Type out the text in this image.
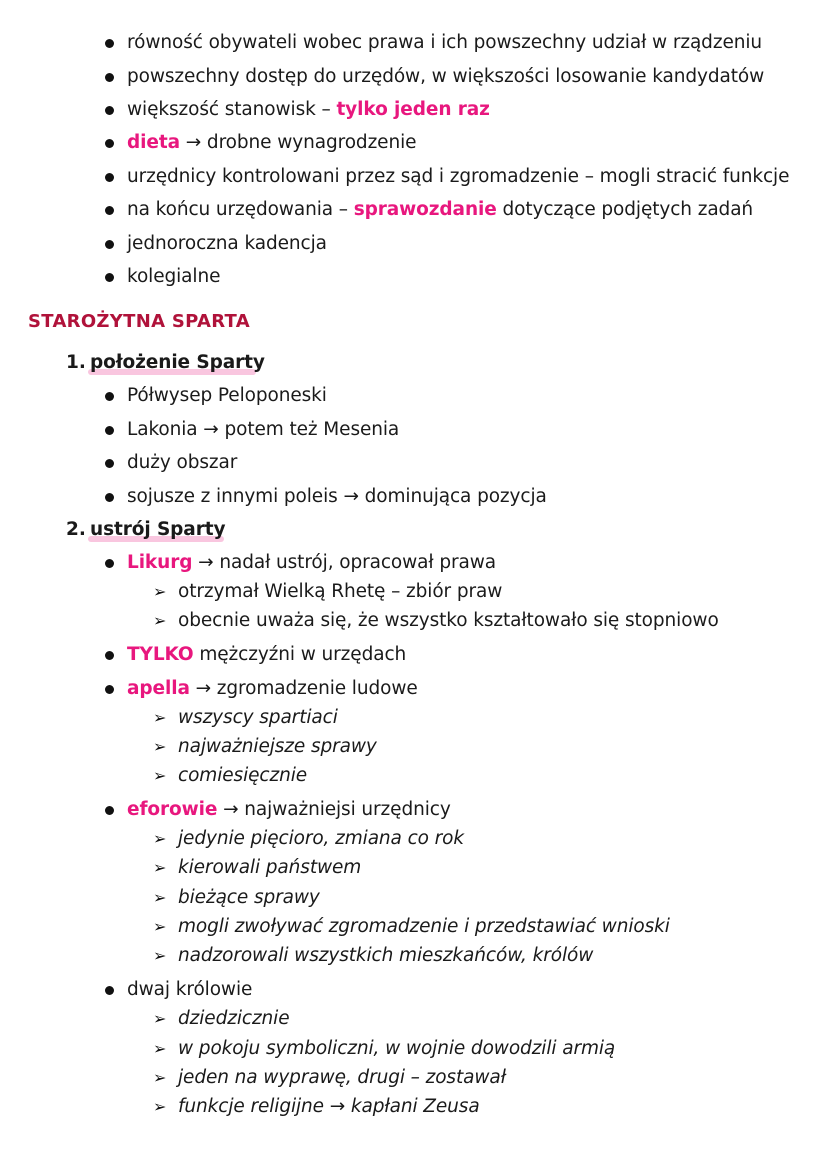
równość obywateli wobec prawa i ich powszechny udział w rządzeniu
powszechny dostęp do urzędów, w większości losowanie kandydatów
większość stanowisk – tylko jeden raz
dieta → drobne wynagrodzenie
urzędnicy kontrolowani przez sąd i zgromadzenie – mogli stracić funkcje
na końcu urzędowania – sprawozdanie dotyczące podjętych zadań
jednoroczna kadencja
kolegialne
STAROŻYTNA SPARTA
1. położenie Sparty
Półwysep Peloponeski
Lakonia → potem też Mesenia
duży obszar
sojusze z innymi poleis → dominująca pozycja
2. ustrój Sparty
Likurg → nadał ustrój, opracował prawa
➢ otrzymał Wielką Rhetę – zbiór praw
➢ obecnie uważa się, że wszystko kształtowało się stopniowo
TYLKO mężczyźni w urzędach
apella → zgromadzenie ludowe
➢ wszyscy spartiaci
➢ najważniejsze sprawy
➢ comiesięcznie
eforowie → najważniejsi urzędnicy
➢ jedynie pięcioro, zmiana co rok
➢ kierowali państwem
➢ bieżące sprawy
➢ mogli zwoływać zgromadzenie i przedstawiać wnioski
➢ nadzorowali wszystkich mieszkańców, królów
dwaj królowie
➢ dziedzicznie
➢ w pokoju symboliczni, w wojnie dowodzili armią
➢ jeden na wyprawę, drugi – zostawał
➢ funkcje religijne → kapłani Zeusa
